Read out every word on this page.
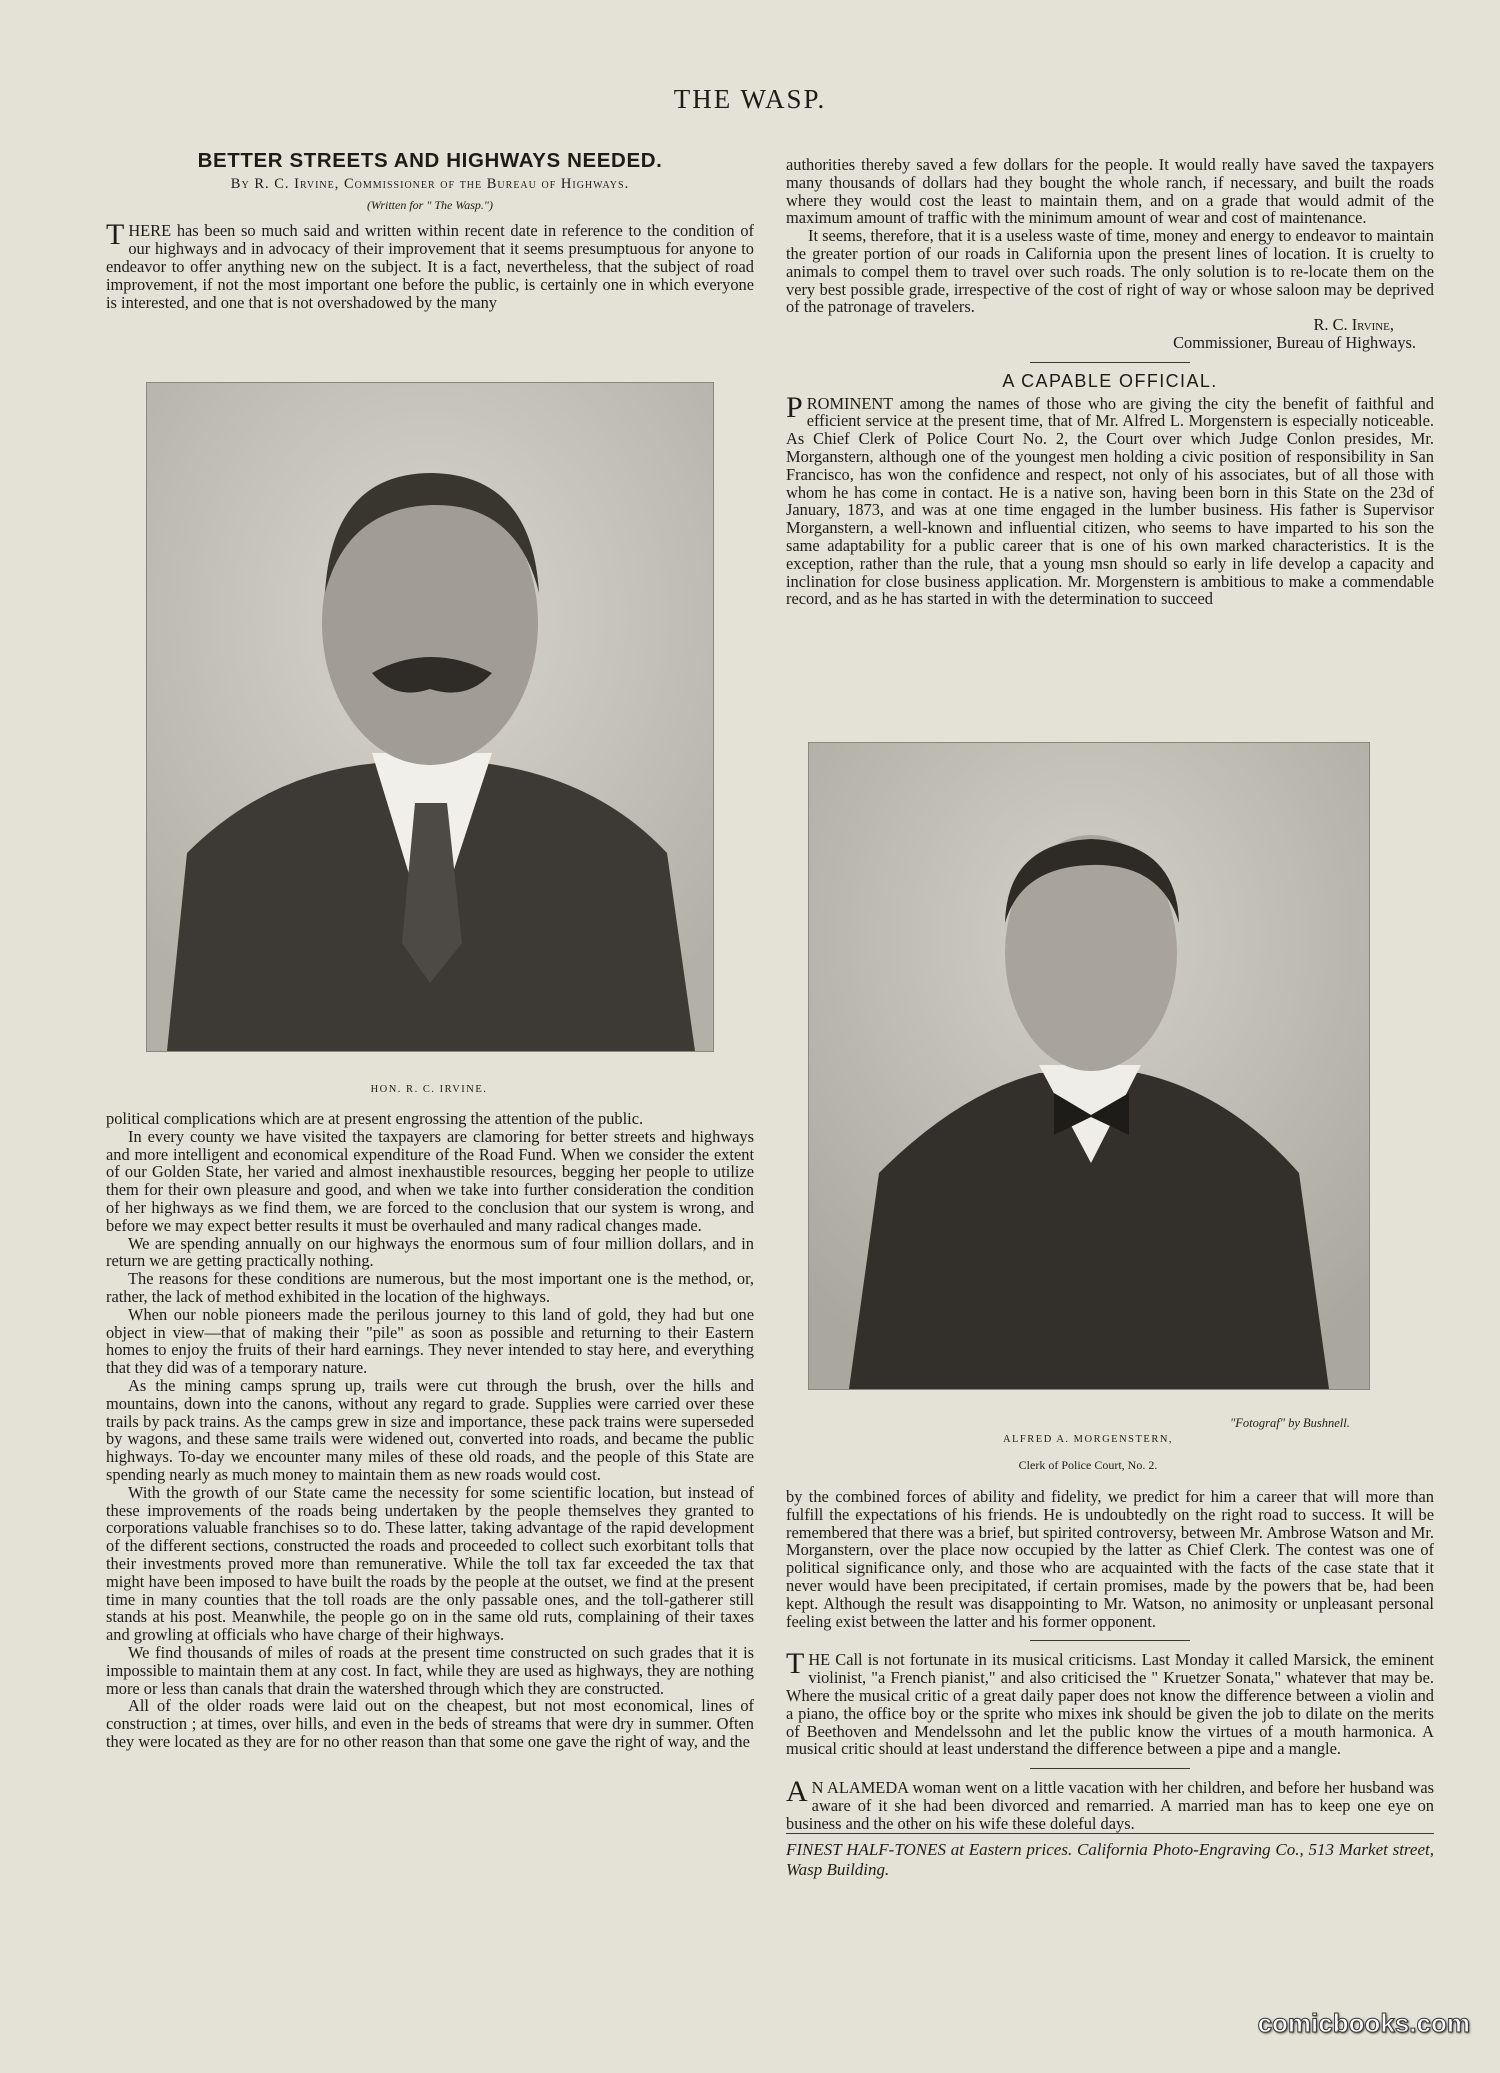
THE WASP.
BETTER STREETS AND HIGHWAYS NEEDED.
By R. C. Irvine, Commissioner of the Bureau of Highways.
(Written for " The Wasp.")

THERE has been so much said and written within recent date in reference to the condition of our highways and in advocacy of their improvement that it seems presumptuous for anyone to endeavor to offer anything new on the subject. It is a fact, nevertheless, that the subject of road improvement, if not the most important one before the public, is certainly one in which everyone is interested, and one that is not overshadowed by the many

HON. R. C. IRVINE.

political complications which are at present engrossing the attention of the public.

In every county we have visited the taxpayers are clamoring for better streets and highways and more intelligent and economical expenditure of the Road Fund. When we consider the extent of our Golden State, her varied and almost inexhaustible resources, begging her people to utilize them for their own pleasure and good, and when we take into further consideration the condition of her highways as we find them, we are forced to the conclusion that our system is wrong, and before we may expect better results it must be overhauled and many radical changes made.

We are spending annually on our highways the enormous sum of four million dollars, and in return we are getting practically nothing.

The reasons for these conditions are numerous, but the most important one is the method, or, rather, the lack of method exhibited in the location of the highways.

When our noble pioneers made the perilous journey to this land of gold, they had but one object in view—that of making their "pile" as soon as possible and returning to their Eastern homes to enjoy the fruits of their hard earnings. They never intended to stay here, and everything that they did was of a temporary nature.

As the mining camps sprung up, trails were cut through the brush, over the hills and mountains, down into the canons, without any regard to grade. Supplies were carried over these trails by pack trains. As the camps grew in size and importance, these pack trains were superseded by wagons, and these same trails were widened out, converted into roads, and became the public highways. To-day we encounter many miles of these old roads, and the people of this State are spending nearly as much money to maintain them as new roads would cost.

With the growth of our State came the necessity for some scientific location, but instead of these improvements of the roads being undertaken by the people themselves they granted to corporations valuable franchises so to do. These latter, taking advantage of the rapid development of the different sections, constructed the roads and proceeded to collect such exorbitant tolls that their investments proved more than remunerative. While the toll tax far exceeded the tax that might have been imposed to have built the roads by the people at the outset, we find at the present time in many counties that the toll roads are the only passable ones, and the toll-gatherer still stands at his post. Meanwhile, the people go on in the same old ruts, complaining of their taxes and growling at officials who have charge of their highways.

We find thousands of miles of roads at the present time constructed on such grades that it is impossible to maintain them at any cost. In fact, while they are used as highways, they are nothing more or less than canals that drain the watershed through which they are constructed.

All of the older roads were laid out on the cheapest, but not most economical, lines of construction ; at times, over hills, and even in the beds of streams that were dry in summer. Often they were located as they are for no other reason than that some one gave the right of way, and the

authorities thereby saved a few dollars for the people. It would really have saved the taxpayers many thousands of dollars had they bought the whole ranch, if necessary, and built the roads where they would cost the least to maintain them, and on a grade that would admit of the maximum amount of traffic with the minimum amount of wear and cost of maintenance.

It seems, therefore, that it is a useless waste of time, money and energy to endeavor to maintain the greater portion of our roads in California upon the present lines of location. It is cruelty to animals to compel them to travel over such roads. The only solution is to re-locate them on the very best possible grade, irrespective of the cost of right of way or whose saloon may be deprived of the patronage of travelers.

R. C. Irvine,
Commissioner, Bureau of Highways.
A CAPABLE OFFICIAL.

PROMINENT among the names of those who are giving the city the benefit of faithful and efficient service at the present time, that of Mr. Alfred L. Morgenstern is especially noticeable. As Chief Clerk of Police Court No. 2, the Court over which Judge Conlon presides, Mr. Morganstern, although one of the youngest men holding a civic position of responsibility in San Francisco, has won the confidence and respect, not only of his associates, but of all those with whom he has come in contact. He is a native son, having been born in this State on the 23d of January, 1873, and was at one time engaged in the lumber business. His father is Supervisor Morganstern, a well-known and influential citizen, who seems to have imparted to his son the same adaptability for a public career that is one of his own marked characteristics. It is the exception, rather than the rule, that a young msn should so early in life develop a capacity and inclination for close business application. Mr. Morgenstern is ambitious to make a commendable record, and as he has started in with the determination to succeed

"Fotograf" by Bushnell.
ALFRED A. MORGENSTERN,
Clerk of Police Court, No. 2.

by the combined forces of ability and fidelity, we predict for him a career that will more than fulfill the expectations of his friends. He is undoubtedly on the right road to success. It will be remembered that there was a brief, but spirited controversy, between Mr. Ambrose Watson and Mr. Morganstern, over the place now occupied by the latter as Chief Clerk. The contest was one of political significance only, and those who are acquainted with the facts of the case state that it never would have been precipitated, if certain promises, made by the powers that be, had been kept. Although the result was disappointing to Mr. Watson, no animosity or unpleasant personal feeling exist between the latter and his former opponent.

THE Call is not fortunate in its musical criticisms. Last Monday it called Marsick, the eminent violinist, "a French pianist," and also criticised the " Kruetzer Sonata," whatever that may be. Where the musical critic of a great daily paper does not know the difference between a violin and a piano, the office boy or the sprite who mixes ink should be given the job to dilate on the merits of Beethoven and Mendelssohn and let the public know the virtues of a mouth harmonica. A musical critic should at least understand the difference between a pipe and a mangle.

A N ALAMEDA woman went on a little vacation with her children, and before her husband was aware of it she had been divorced and remarried. A married man has to keep one eye on business and the other on his wife these doleful days.

FINEST HALF-TONES at Eastern prices. California Photo-Engraving Co., 513 Market street, Wasp Building.

comicbooks.com
